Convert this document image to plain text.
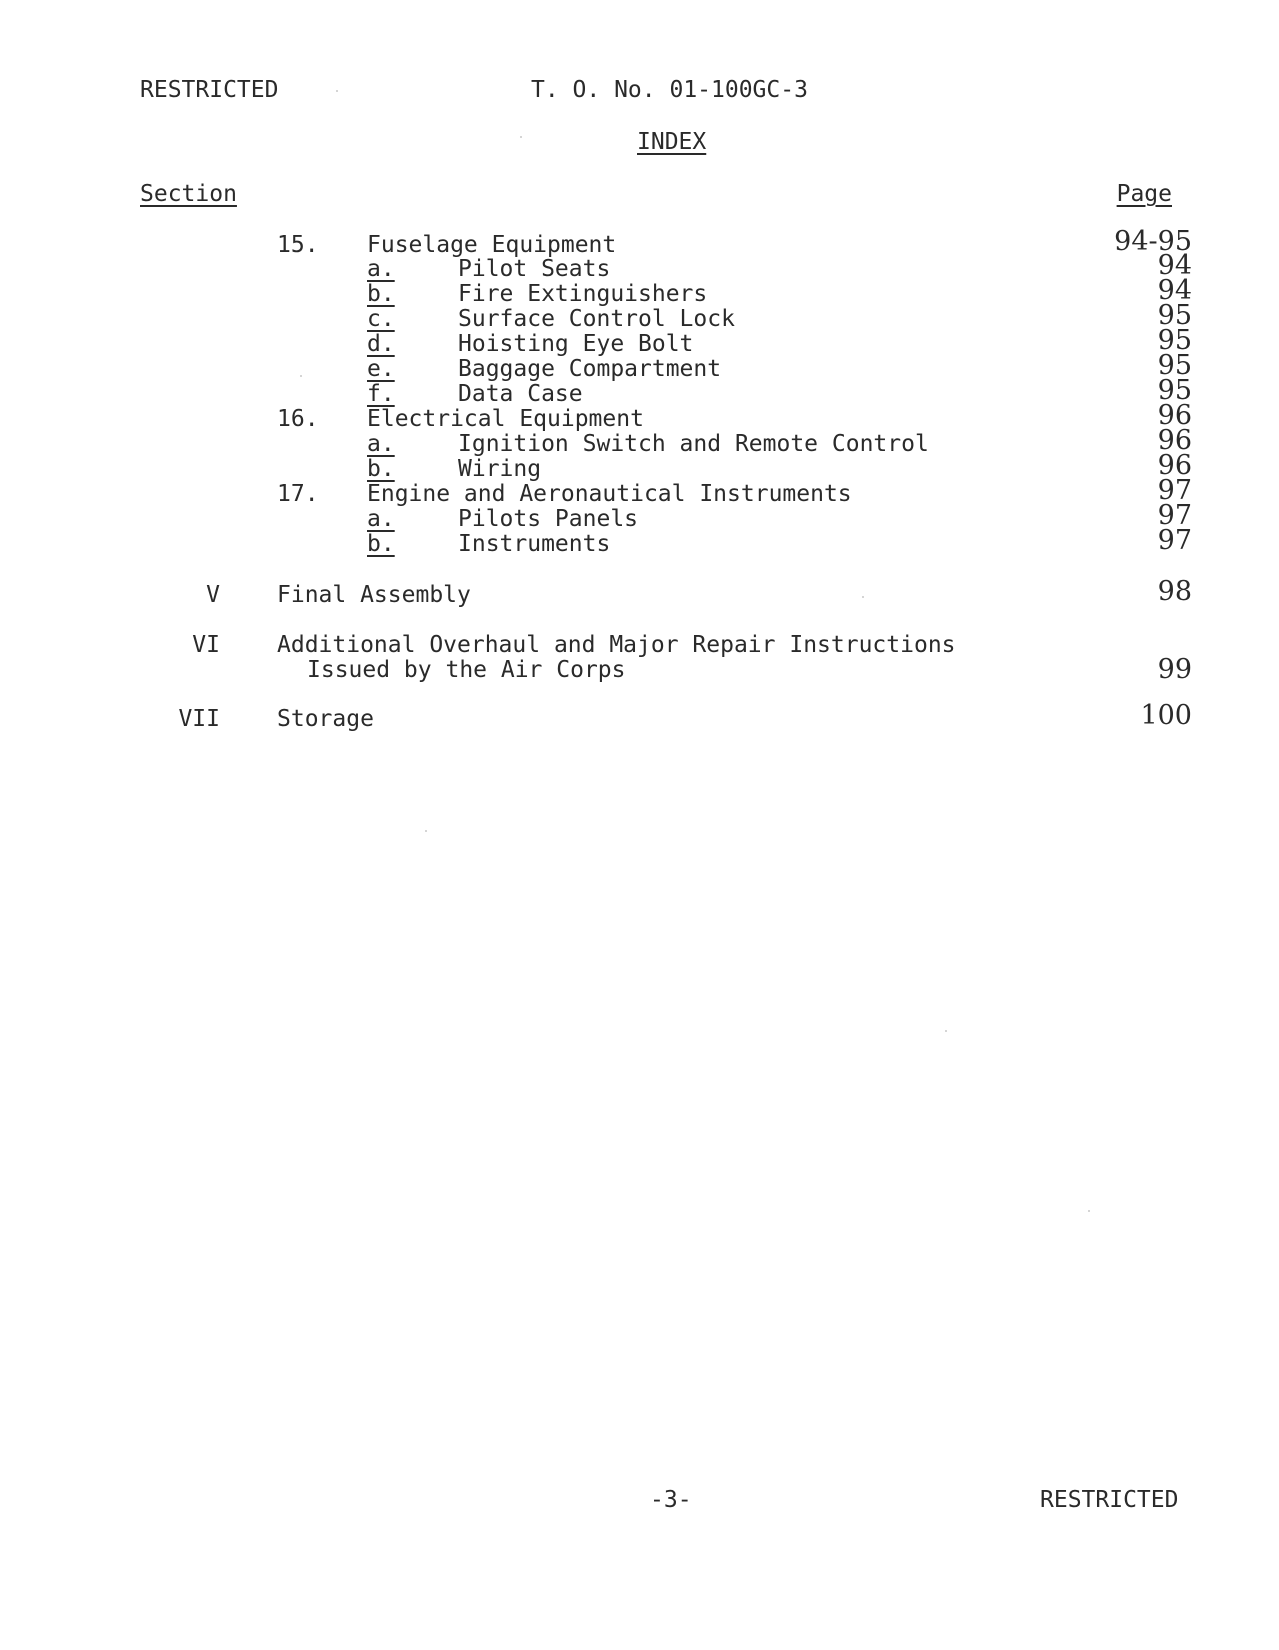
RESTRICTED	T. O. No. 01-100GC-3
INDEX
Section	Page
15. Fuselage Equipment	94-95
a.	Pilot Seats	94
b.	Fire Extinguishers	94
c.	Surface Control Lock	95
d.	Hoisting Eye Bolt	95
e.	Baggage Compartment	95
f.	Data Case	95
16. Electrical Equipment	96
a.	Ignition Switch and Remote Control	96
b.	Wiring	96
17. Engine and Aeronautical Instruments	97
a.	Pilots Panels	97
b.	Instruments	97
V Final Assembly	98
VI Additional Overhaul and Major Repair Instructions
Issued by the Air Corps	99
VII Storage	100
-3-	RESTRICTED
